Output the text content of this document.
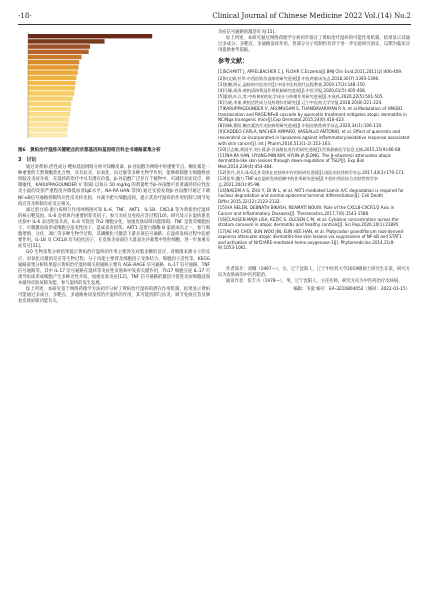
-18-	Clinical Journal of Chinese Medicine 2022 Vol.(14) No.2
图6　黄柏治疗湿疹关键靶点的京都基因和基因组百科全书通路富集分析
3　讨论

通过对黄柏-活性成分-靶标基因网络分析可知槲皮素、β-谷甾醇为网络中的重要节点。槲皮素是一种重要的天然黄酮类化合物，具有抗炎、抗氧化、抗过敏等多种生物学作用，能够抑制肥大细胞释放组胺及炎症介质，在湿疹的治疗中具有潜在价值。β-谷甾醇广泛存在于植物中，可减轻炎症反应，抑制瘙痒，KARUPPAGOUNDER V 等[8] 以每日 50 mg/kg 的剂量给予β-谷甾醇可显著减轻特应性皮炎小鼠的皮损严重程度并降低血清IgE水平。NA-RA HAN 等[9] 通过实验发现β-谷甾醇可通过下调NF-κB信号通路抑制特应性皮炎样皮损，并减少肥大细胞浸润，提示其治疗湿疹的作用机制与调节免疫应答及抑制炎症反应相关。

通过蛋白质-蛋白质相互作用网络图可知 IL-6、TNF、AKT1、IL-1B、CXCL8 等为黄柏治疗湿疹的核心靶基因。IL-6 是机体内重要的促炎因子，参与炎症及免疫应答过程[10]，研究显示在湿疹患者皮损中 IL-6 表达明显升高，IL-6 可促进 Th2 细胞分化，加重皮肤屏障功能障碍。TNF 是促炎细胞因子，可刺激角质形成细胞分泌炎性因子，造成表皮损伤。AKT1 是蛋白激酶 B 家族成员之一，参与细胞增殖、分化、凋亡等多种生物学过程，其磷酸化可激活下游多条信号通路，在湿疹发病过程中起重要作用。IL-1B 及 CXCL8 均为趋化因子，在皮肤炎症部位大量表达并募集中性粒细胞，进一步加重炎症反应[11]。

GO 生物富集分析结果提示黄柏治疗湿疹的作用主要涉及对脂多糖的反应、对细菌来源分子的反应、对氧化应激的反应等生物过程；分子功能主要涉及细胞因子受体结合、细胞因子活性等。KEGG 通路富集分析结果提示黄柏治疗湿疹相关的通路主要有 AGE-RAGE 信号通路、IL-17 信号通路、TNF 信号通路等。其中 IL-17 信号通路在湿疹等炎症性皮肤病中发挥关键作用，Th17 细胞分泌 IL-17 可诱导角质形成细胞产生多种炎性介质，加重皮肤炎症[12]。TNF 信号通路的激活可促进炎症细胞浸润并破坏皮肤屏障功能，参与湿疹的发生发展。

综上所述，本研究基于网络药理学方法初步分析了黄柏治疗湿疹的潜在作用机制，结果显示黄柏可能通过多成分、多靶点、多通路协同发挥治疗湿疹的作用，其可能机制与抗炎、调节免疫应答及修复皮肤屏障功能有关。

炎症信号通路的激活有关[15]。

综上所述，本研究通过网络药理学分析初步探讨了黄柏治疗湿疹的可能作用机制，结果显示其通过多成分、多靶点、多通路发挥作用，但部分分子机制仍有待于进一步实验研究验证，以期为临床应用提供参考依据。

参考文献：
[1]SCHMITT J, APFELBACHER C J, FLOHR C.Eczema[J].BMJ Clin Evid,2011,2011(2):406-409.
[2]何文娟,杜华.中西医防治湿疹的研究进展[J].中医药临床杂志,2018,30(7):1393-1396.
[3]张鹏,明元.湿疹的中医治疗[J].中国中医药现代远程教育,2019,17(3):148-150.
[4]马娜,周涛.黄柏清热利湿作用机制研究进展[J].中医学报,2020,61(5):405-408.
[5]董明,叶兵,等.中药黄柏的化学成分与药理作用研究进展[J].中成药,2020,22(5):501-505.
[6]马晓,李東.黄柏活性成分及药理作用研究[J].辽宁中医药大学学报,2018,20(8):221-224.
[7]KARUPPAGOUNDER V, ARUMUGAM S, THANDAVARAYAN R A, et al.Modulation of HMGB1 translocation and RAGE/NFκB cascade by quercetin treatment mitigates atopic dermatitis in NC/Nga transgenic mice[J].Exp Dermatol,2015,24(6):418-423.
[8]刘峰,曹阳.槲皮素治疗皮肤病的研究进展[J].中国皮肤性病学杂志,2020,34(1):106-110.
[9]CADDEO CARLA, NACHER AMPARO, VASSALLO ANTONIO, et al. Effect of quercetin and resveratrol co-incorporated in liposomes against inflammatory/oxidative response associated with skin cancer[J]. Int J Pharm,2016,513(1-2):153-163.
[10]吕志敏,黄国平,刘小燕.β-谷甾醇抗炎作用研究进展[J].世界最新医学信息文摘,2015,15(9):66-68.
[11]NA-RA HAN, HYUNG-MIN KIM, HYUN-JA JEONG. The β-sitosterol attenuates atopic dermatitis-like skin lesions through down-regulation of TSLP[J]. Exp Biol Med,2014,239(4):454-464.
[12]贺丹,刘兵.IL-6及其受体在皮肤病中作用的研究进展[J].国际皮肤性病学杂志,2017,43(3):170-173.
[13]张华,魏力.TNF-α在湿疹发病机制中的作用研究进展[J].中国中西医结合皮肤性病学杂志,2021,20(1):95-98.
[14]NAEEM A S, ZHU Y, DI W L, et al. AKT1-mediated Lamin A/C degradation is required for nuclear degradation and normal epidermal terminal differentiation[J]. Cell Death Differ,2015,22(12):2123-2132.
[15]HA HELEN, DEBNATH BIKASH, NEAMATI NOURI. Role of the CXCL8-CXCR1/2 Axis in Cancer and Inflammatory Diseases[J]. Theranostics,2017,7(6):1543-1588.
[16]CLAUSEN MAJA LISA, KEZIC S, OLESEN C M, et al. Cytokine concentration across the stratum corneum in atopic dermatitis and healthy controls[J]. Sci Rep,2020,10(1):21895.
[17]AE HO CHOI, SUN WOO JIN, EUN HEE HAN, et al. Platycodon grandiflorum root-derived saponins attenuate atopic dermatitis-like skin lesions via suppression of NF-κB and STAT1 and activation of Nrf2/ARE-mediated heme oxygenase-1[J]. Phytomedicine,2014,21(8-9):1053-1061.

作者简介：刘娜（1997—），女，辽宁沈阳人，辽宁中医药大学2019级硕士研究生在读，研究方向为皮肤病的中医药防治。

通讯作者：张丰川（1978—），男，辽宁沈阳人，主任医师，研究方向为中医药治疗皮肤病。

编辑：韦爱 编号：EA-3210804052（修回：2022-01-15）
